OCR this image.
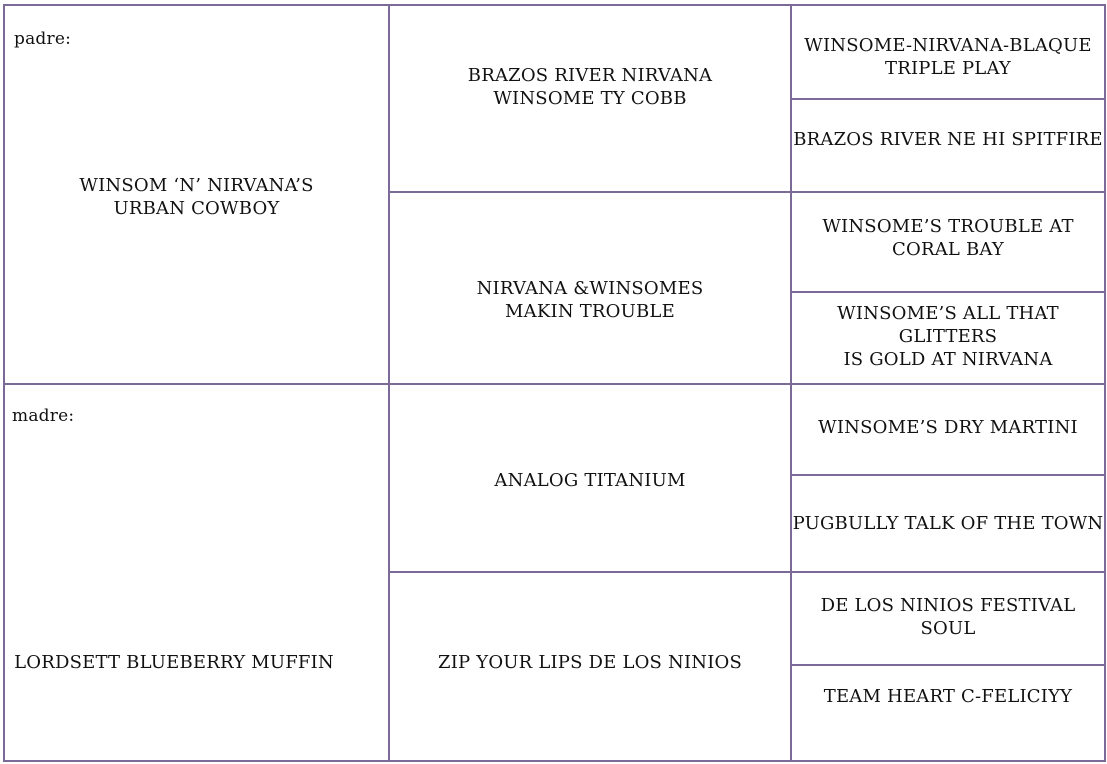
padre:
WINSOM ‘N’ NIRVANA’S
URBAN COWBOY
madre:
LORDSETT BLUEBERRY MUFFIN
BRAZOS RIVER NIRVANA
WINSOME TY COBB
NIRVANA &WINSOMES
MAKIN TROUBLE
ANALOG TITANIUM
ZIP YOUR LIPS DE LOS NINIOS
WINSOME-NIRVANA-BLAQUE
TRIPLE PLAY
BRAZOS RIVER NE HI SPITFIRE
WINSOME’S TROUBLE AT
CORAL BAY
WINSOME’S ALL THAT GLITTERS
IS GOLD AT NIRVANA
WINSOME’S DRY MARTINI
PUGBULLY TALK OF THE TOWN
DE LOS NINIOS FESTIVAL SOUL
TEAM HEART C-FELICIYY
